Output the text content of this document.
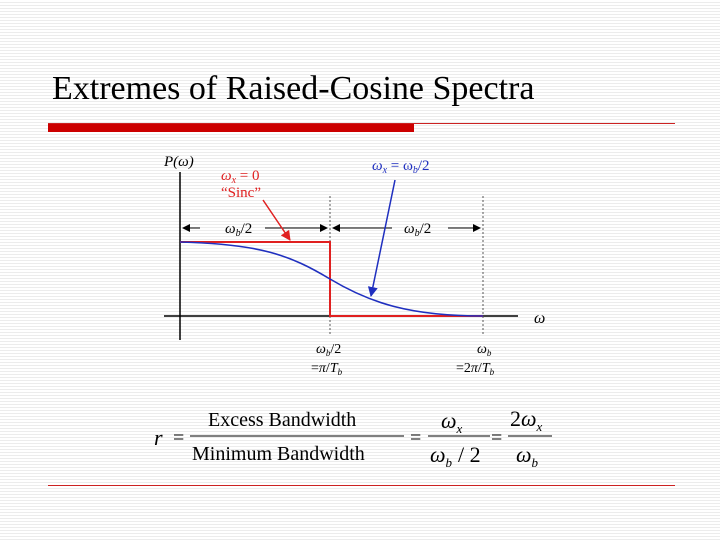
Extremes of Raised-Cosine Spectra
P(ω)
ω
$\omega_x = 0$
“Sinc”
$\omega_x = \omega_b/2$
$\omega_b/2$	$\omega_b/2$
$\omega_b/2$
$=\pi/T_b$
$\omega_b$
$=2\pi/T_b$
r =
Excess Bandwidth
Minimum Bandwidth
=
$\omega_x$
$\omega_b / 2$
=
$2\omega_x$
$\omega_b$
